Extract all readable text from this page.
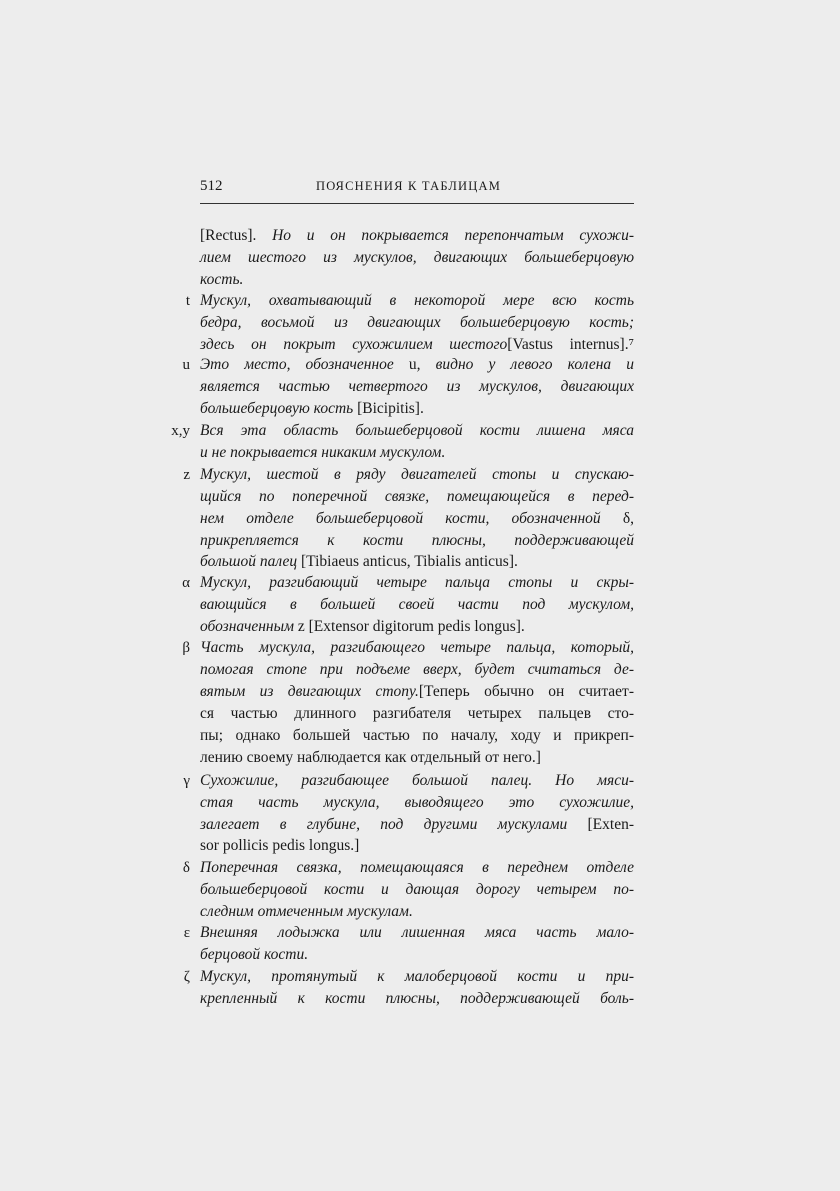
512	ПОЯСНЕНИЯ К ТАБЛИЦАМ
t
u
x,y
z
α
β
γ
δ
ε
ζ
[Rectus]. Но и он покрывается перепончатым сухожи-
лием шестого из мускулов, двигающих большеберцовую
кость.
Мускул, охватывающий в некоторой мере всю кость
бедра, восьмой из двигающих большеберцовую кость;
здесь он покрыт сухожилием шестого[Vastus internus].⁷
Это место, обозначенное u, видно у левого колена и
является частью четвертого из мускулов, двигающих
большеберцовую кость [Bicipitis].
Вся эта область большеберцовой кости лишена мяса
и не покрывается никаким мускулом.
Мускул, шестой в ряду двигателей стопы и спускаю-
щийся по поперечной связке, помещающейся в перед-
нем отделе большеберцовой кости, обозначенной δ,
прикрепляется к кости плюсны, поддерживающей
большой палец [Tibiaeus anticus, Tibialis anticus].
Мускул, разгибающий четыре пальца стопы и скры-
вающийся в большей своей части под мускулом,
обозначенным z [Extensor digitorum pedis longus].
Часть мускула, разгибающего четыре пальца, который,
помогая стопе при подъеме вверх, будет считаться де-
вятым из двигающих стопу.[Теперь обычно он считает-
ся частью длинного разгибателя четырех пальцев сто-
пы; однако большей частью по началу, ходу и прикреп-
лению своему наблюдается как отдельный от него.]
Сухожилие, разгибающее большой палец. Но мяси-
стая часть мускула, выводящего это сухожилие,
залегает в глубине, под другими мускулами [Exten-
sor pollicis pedis longus.]
Поперечная связка, помещающаяся в переднем отделе
большеберцовой кости и дающая дорогу четырем по-
следним отмеченным мускулам.
Внешняя лодыжка или лишенная мяса часть мало-
берцовой кости.
Мускул, протянутый к малоберцовой кости и при-
крепленный к кости плюсны, поддерживающей боль-
